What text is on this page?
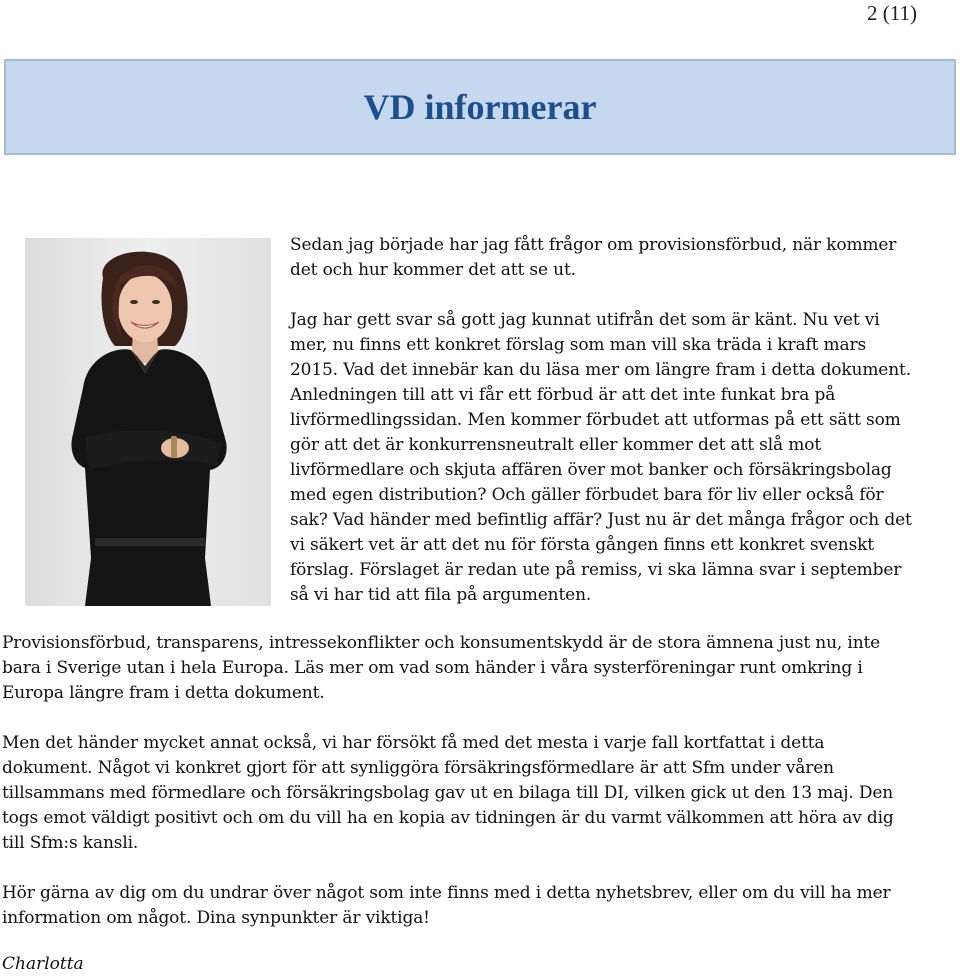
2 (11)
VD informerar

Sedan jag började har jag fått frågor om provisionsförbud, när kommer det och hur kommer det att se ut.

Jag har gett svar så gott jag kunnat utifrån det som är känt. Nu vet vi mer, nu finns ett konkret förslag som man vill ska träda i kraft mars 2015. Vad det innebär kan du läsa mer om längre fram i detta dokument. Anledningen till att vi får ett förbud är att det inte funkat bra på livförmedlingssidan. Men kommer förbudet att utformas på ett sätt som gör att det är konkurrensneutralt eller kommer det att slå mot livförmedlare och skjuta affären över mot banker och försäkringsbolag med egen distribution? Och gäller förbudet bara för liv eller också för sak? Vad händer med befintlig affär? Just nu är det många frågor och det vi säkert vet är att det nu för första gången finns ett konkret svenskt förslag. Förslaget är redan ute på remiss, vi ska lämna svar i september så vi har tid att fila på argumenten.

Provisionsförbud, transparens, intressekonflikter och konsumentskydd är de stora ämnena just nu, inte bara i Sverige utan i hela Europa. Läs mer om vad som händer i våra systerföreningar runt omkring i Europa längre fram i detta dokument.

Men det händer mycket annat också, vi har försökt få med det mesta i varje fall kortfattat i detta dokument. Något vi konkret gjort för att synliggöra försäkringsförmedlare är att Sfm under våren tillsammans med förmedlare och försäkringsbolag gav ut en bilaga till DI, vilken gick ut den 13 maj. Den togs emot väldigt positivt och om du vill ha en kopia av tidningen är du varmt välkommen att höra av dig till Sfm:s kansli.

Hör gärna av dig om du undrar över något som inte finns med i detta nyhetsbrev, eller om du vill ha mer information om något. Dina synpunkter är viktiga!

Charlotta
